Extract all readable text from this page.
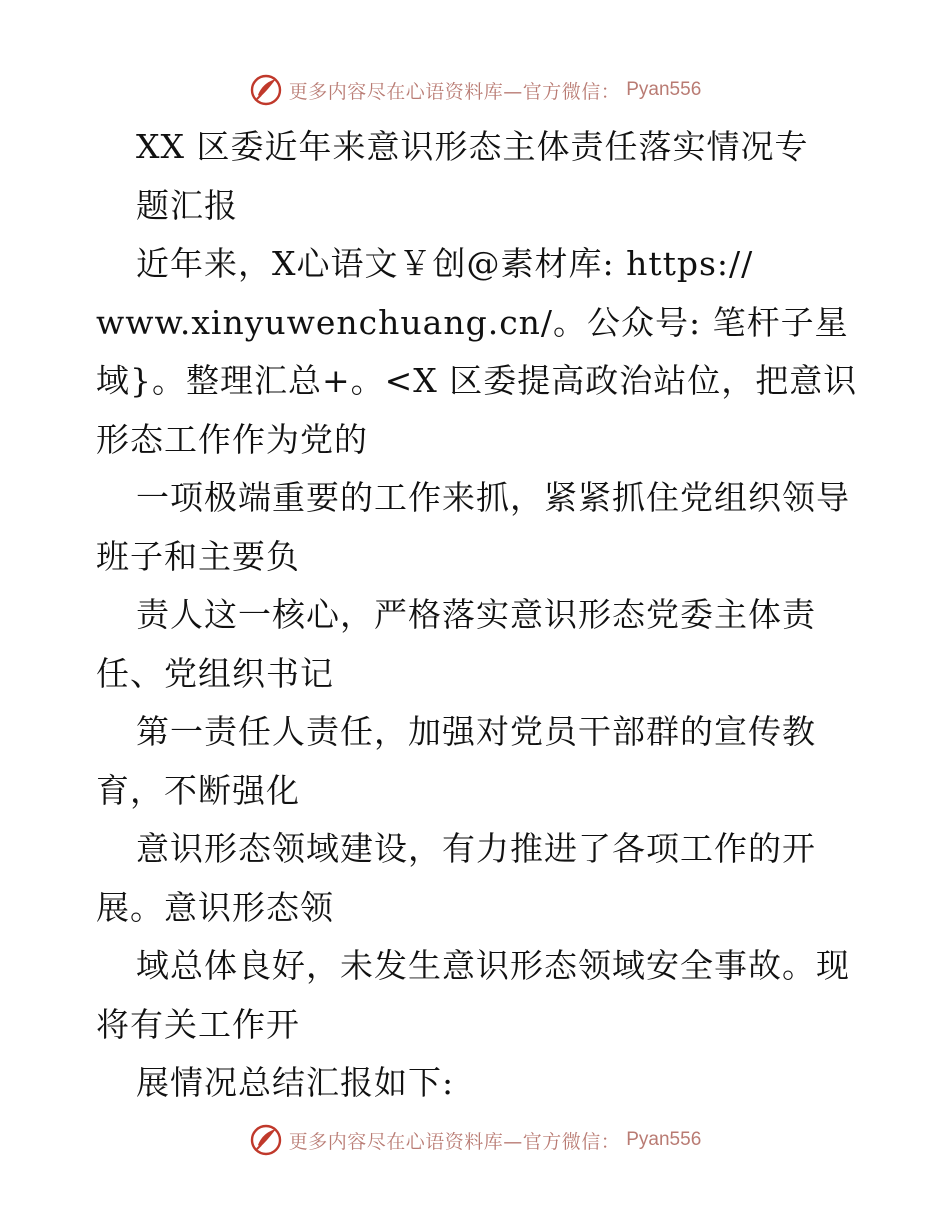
更多内容尽在心语资料库—官方微信： Pyan556
XX 区委近年来意识形态主体责任落实情况专
题汇报
近年来，X心语文￥创@素材库: https://
www.xinyuwenchuang.cn/。公众号: 笔杆子星
域}。整理汇总+。<X 区委提高政治站位，把意识
形态工作作为党的
一项极端重要的工作来抓，紧紧抓住党组织领导
班子和主要负
责人这一核心，严格落实意识形态党委主体责
任、党组织书记
第一责任人责任，加强对党员干部群的宣传教
育，不断强化
意识形态领域建设，有力推进了各项工作的开
展。意识形态领
域总体良好，未发生意识形态领域安全事故。现
将有关工作开
展情况总结汇报如下:
更多内容尽在心语资料库—官方微信： Pyan556
